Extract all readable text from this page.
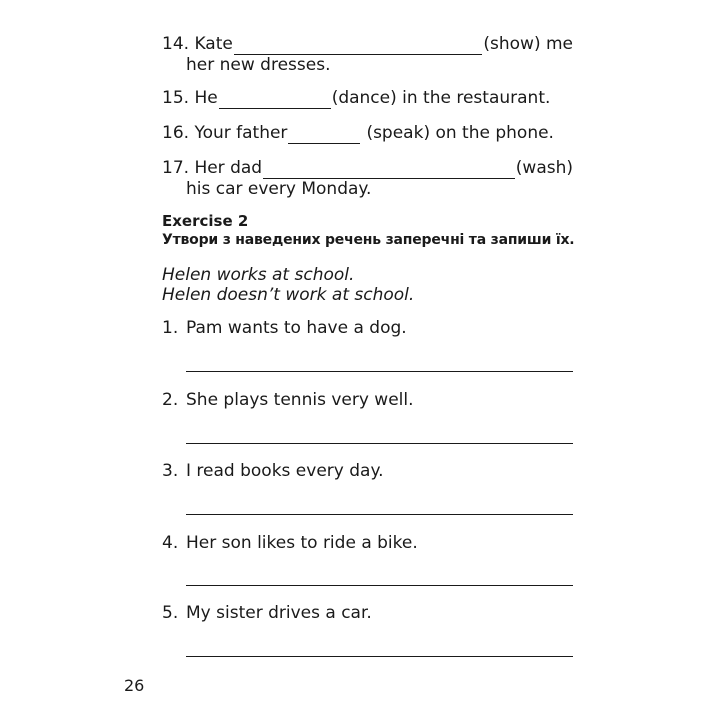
14. Kate	(show) me
her new dresses.
15. He	(dance) in the restaurant.
16. Your father	(speak) on the phone.
17. Her dad	(wash)
his car every Monday.
Exercise 2
Утвори з наведених речень заперечні та запиши їх.
Helen works at school.
Helen doesn’t work at school.
1. Pam wants to have a dog.
2. She plays tennis very well.
3. I read books every day.
4. Her son likes to ride a bike.
5. My sister drives a car.
26
